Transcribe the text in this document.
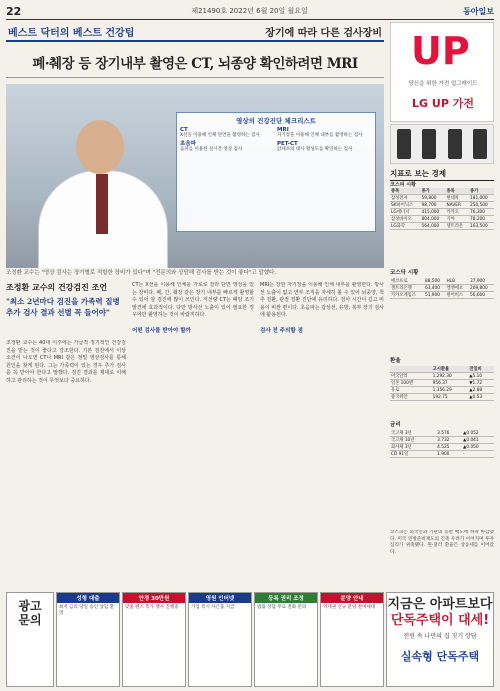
22	제21490호 2022년 6월 20일 월요일	동아일보
베스트 닥터의 베스트 건강팁	장기에 따라 다른 검사장비
폐·췌장 등 장기내부 촬영은 CT, 뇌종양 확인하려면 MRI
영상의 건강진단 체크리스트
CT
X선을 이용해 인체 단면을 촬영하는 검사
MRI
자기장을 이용해 인체 내부를 촬영하는 검사
초음파
음파를 이용한 실시간 영상 검사
PET-CT
암세포의 대사 활성도를 확인하는 검사
조정환 교수는 "영상 검사는 장기별로 적합한 장비가 있다"며 "전문의와 상담해 검사를 받는 것이 좋다"고 말했다.
조정환 교수의 건강검진 조언
"최소 2년마다 검진을 가족력 질병 추가 검사 결과 선별 꼭 들어야"
조정환 교수는 40대 이후에는 가급적 정기적인 건강검진을 받는 것이 좋다고 강조한다. 기본 검진에서 이상 소견이 나오면 CT나 MRI 같은 정밀 영상검사를 통해 원인을 찾게 된다. 그는 가족력이 있는 경우 추가 검사를 꼭 받아야 한다고 말했다. 검진 결과를 제대로 이해하고 관리하는 것이 무엇보다 중요하다.
CT는 X선을 이용해 인체를 가로로 잘라 단면 영상을 얻는 장비다. 폐, 간, 췌장 같은 장기 내부를 빠르게 촬영할 수 있어 암 검진에 많이 쓰인다. 저선량 CT는 폐암 조기 발견에 효과적이다. 다만 방사선 노출이 있어 필요한 경우에만 촬영하는 것이 바람직하다.

어떤 검사를 받아야 할까
MRI는 강한 자기장을 이용해 인체 내부를 촬영한다. 방사선 노출이 없고 연부 조직을 자세히 볼 수 있어 뇌종양, 척추 질환, 관절 질환 진단에 유리하다. 검사 시간이 길고 비용이 비싼 편이다. 초음파는 갑상선, 유방, 복부 장기 검사에 활용된다.

검사 전 주의할 점
UP
당신을 위한 가전 업그레이드
LG UP 가전
지표로 보는 경제
코스피 시황
종목	종가	종목	종가
삼성전자	59,800	현대차	181,000
SK하이닉스	98,700	NAVER	250,500
LG에너지	415,000	카카오	76,300
삼성바이오	804,000	기아	78,200
LG화학	564,000	셀트리온	163,500
코스닥 시황
에코프로	88,500	HLB	37,900
셀트리온헬	63,400	엘앤에프	209,800
카카오게임즈	51,900	펄어비스	56,600
환율
	고시환율	전일비
미국달러	1,292.30	▲5.10
일본 100엔	956.37	▼1.72
유로	1,356.29	▲2.88
중국위안	192.75	▲0.53
금리
국고채 3년	3.576	▲0.052
국고채 10년	3.732	▲0.041
회사채 3년	4.525	▲0.050
CD 91일	1.900	-
코스피는 외국인과 기관의 동반 매도에 하락 마감했다. 미국 연방준비제도의 긴축 우려가 이어지며 투자 심리가 위축됐다. 원-달러 환율은 상승세를 이어갔다.
광고
문의
성형 대출
최저 금리 당일 승인 상담 환영
안경 30만원
맞춤 렌즈 특가 행사 진행중
영원 인터넷
가입 즉시 사은품 지급
등록 권리 조정
법률 상담 무료 전화 문의
분양 안내
역세권 신규 분양 잔여세대 지금은 아파트보다
단독주택이 대세!
전원 속 나만의 집 짓기 상담
실속형 단독주택
